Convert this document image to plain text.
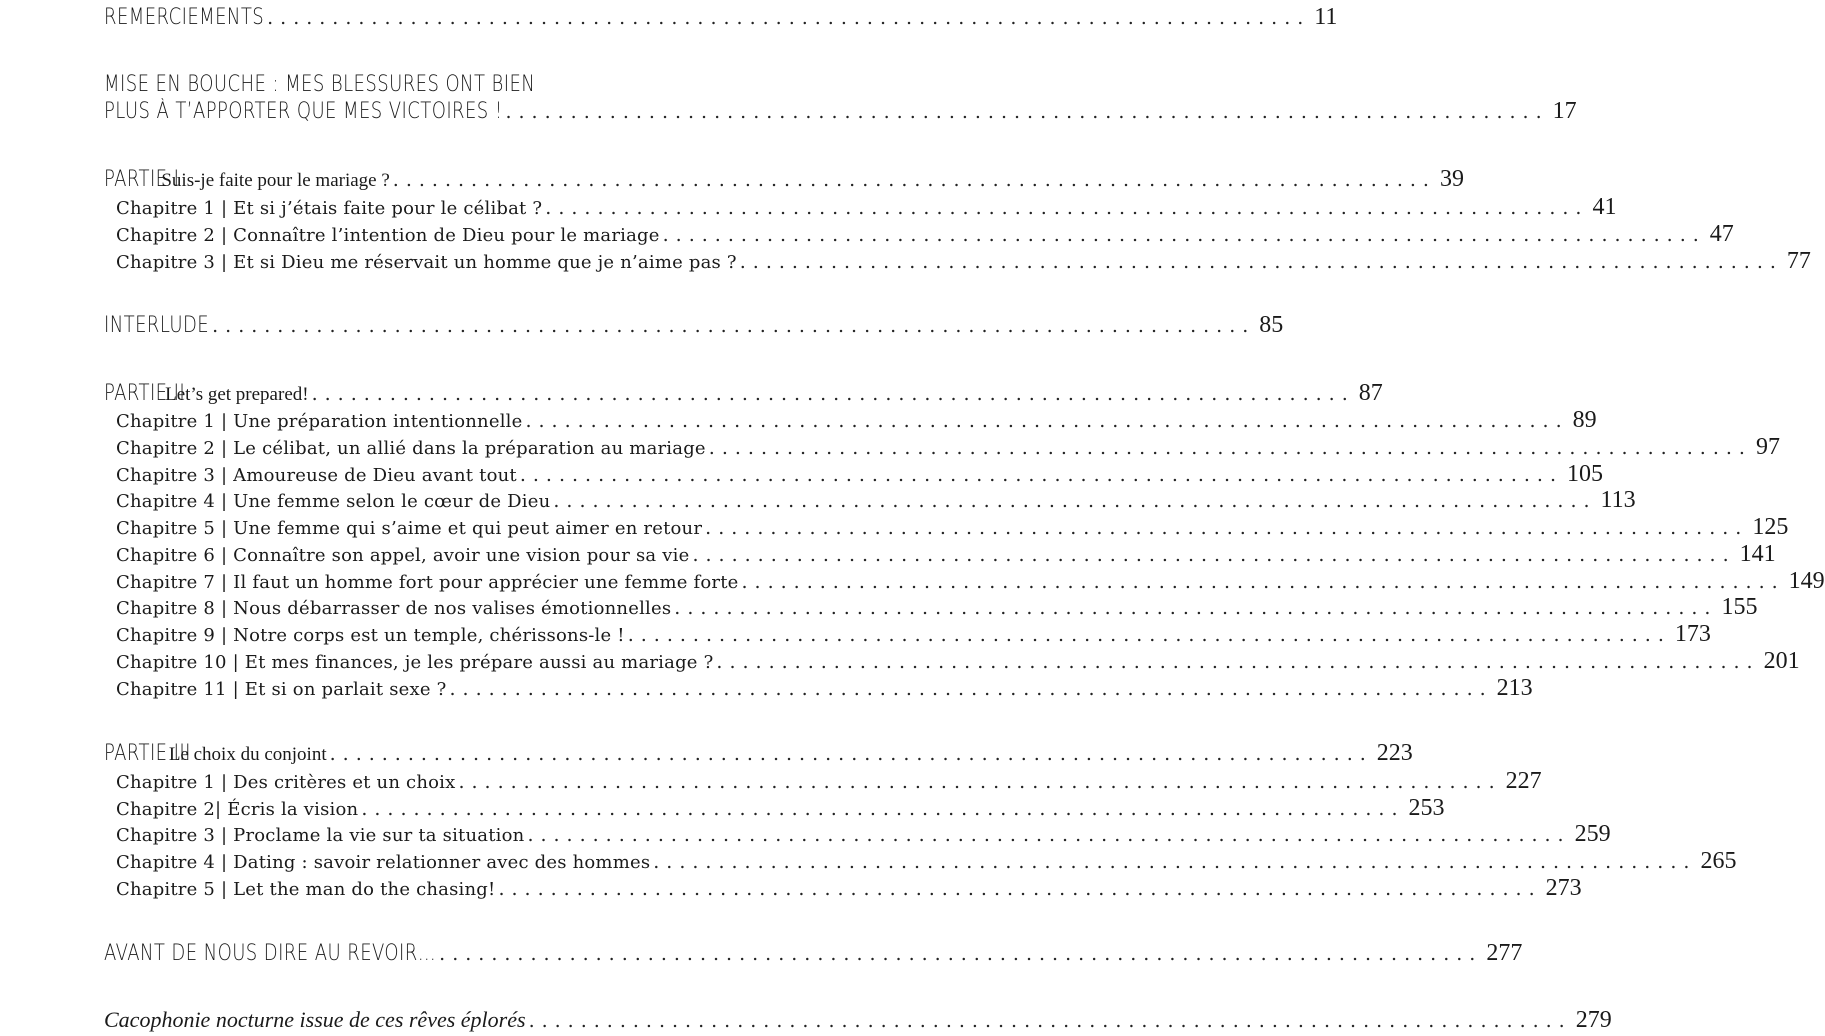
REMERCIEMENTS ................................................................................ 11
MISE EN BOUCHE : MES BLESSURES ONT BIEN
PLUS À T’APPORTER QUE MES VICTOIRES ! ................................................................................ 17
PARTIE I
Suis-je faite pour le mariage ? ................................................................................ 39
Chapitre 1 | Et si j’étais faite pour le célibat ? ................................................................................ 41
Chapitre 2 | Connaître l’intention de Dieu pour le mariage ................................................................................ 47
Chapitre 3 | Et si Dieu me réservait un homme que je n’aime pas ? ................................................................................ 77
INTERLUDE ................................................................................ 85
PARTIE II
Let’s get prepared! ................................................................................ 87
Chapitre 1 | Une préparation intentionnelle ................................................................................ 89
Chapitre 2 | Le célibat, un allié dans la préparation au mariage ................................................................................ 97
Chapitre 3 | Amoureuse de Dieu avant tout ................................................................................ 105
Chapitre 4 | Une femme selon le cœur de Dieu ................................................................................ 113
Chapitre 5 | Une femme qui s’aime et qui peut aimer en retour ................................................................................ 125
Chapitre 6 | Connaître son appel, avoir une vision pour sa vie ................................................................................ 141
Chapitre 7 | Il faut un homme fort pour apprécier une femme forte ................................................................................ 149
Chapitre 8 | Nous débarrasser de nos valises émotionnelles ................................................................................ 155
Chapitre 9 | Notre corps est un temple, chérissons-le ! ................................................................................ 173
Chapitre 10 | Et mes finances, je les prépare aussi au mariage ? ................................................................................ 201
Chapitre 11 | Et si on parlait sexe ? ................................................................................ 213
PARTIE III
Le choix du conjoint ................................................................................ 223
Chapitre 1 | Des critères et un choix ................................................................................ 227
Chapitre 2| Écris la vision ................................................................................ 253
Chapitre 3 | Proclame la vie sur ta situation ................................................................................ 259
Chapitre 4 | Dating : savoir relationner avec des hommes ................................................................................ 265
Chapitre 5 | Let the man do the chasing! ................................................................................ 273
AVANT DE NOUS DIRE AU REVOIR… ................................................................................ 277
Cacophonie nocturne issue de ces rêves éplorés ................................................................................ 279
